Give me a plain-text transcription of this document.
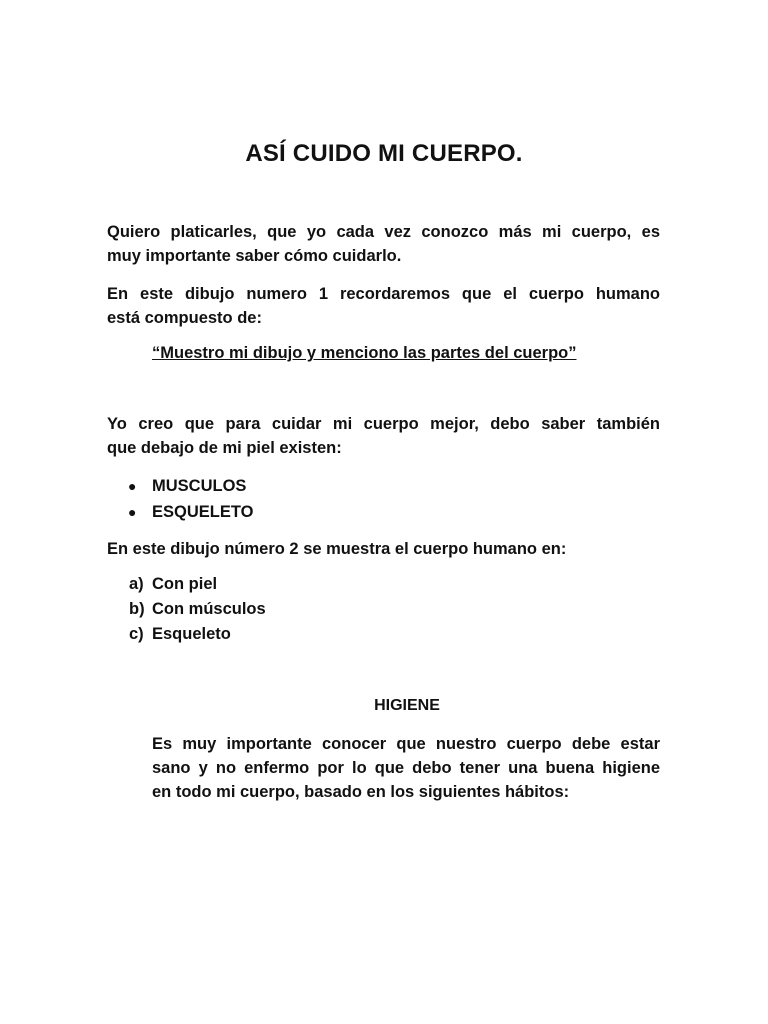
ASÍ CUIDO MI CUERPO.
Quiero platicarles, que yo cada vez conozco más mi cuerpo, es
muy importante saber cómo cuidarlo.
En este dibujo numero 1 recordaremos que el cuerpo humano
está compuesto de:
“Muestro mi dibujo y menciono las partes del cuerpo”
Yo creo que para cuidar mi cuerpo mejor, debo saber también
que debajo de mi piel existen:
● MUSCULOS
● ESQUELETO
En este dibujo número 2 se muestra el cuerpo humano en:
a) Con piel
b) Con músculos
c) Esqueleto
HIGIENE
Es muy importante conocer que nuestro cuerpo debe estar
sano y no enfermo por lo que debo tener una buena higiene
en todo mi cuerpo, basado en los siguientes hábitos:
